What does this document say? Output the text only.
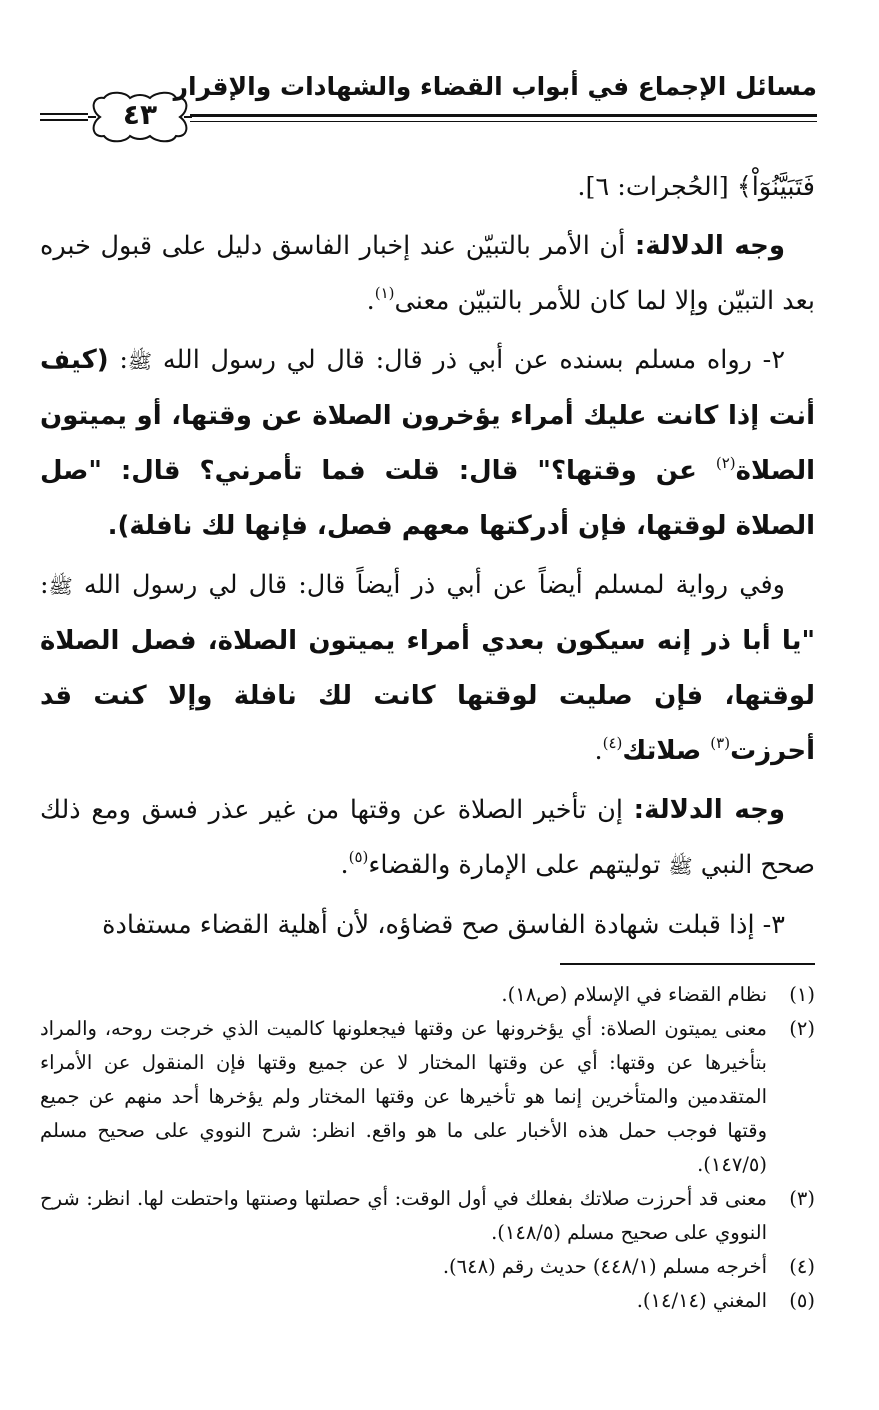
مسائل الإجماع في أبواب القضاء والشهادات والإقرار
٤٣

فَتَبَيَّنُوٓاْ﴾ [الحُجرات: ٦].

وجه الدلالة: أن الأمر بالتبيّن عند إخبار الفاسق دليل على قبول خبره بعد التبيّن وإلا لما كان للأمر بالتبيّن معنى$^{(١)}$.

٢- رواه مسلم بسنده عن أبي ذر قال: قال لي رسول الله ﷺ: (كيف أنت إذا كانت عليك أمراء يؤخرون الصلاة عن وقتها، أو يميتون الصلاة$^{(٢)}$ عن وقتها؟" قال: قلت فما تأمرني؟ قال: "صل الصلاة لوقتها، فإن أدركتها معهم فصل، فإنها لك نافلة).

وفي رواية لمسلم أيضاً عن أبي ذر أيضاً قال: قال لي رسول الله ﷺ: "يا أبا ذر إنه سيكون بعدي أمراء يميتون الصلاة، فصل الصلاة لوقتها، فإن صليت لوقتها كانت لك نافلة وإلا كنت قد أحرزت$^{(٣)}$ صلاتك$^{(٤)}$.

وجه الدلالة: إن تأخير الصلاة عن وقتها من غير عذر فسق ومع ذلك صحح النبي ﷺ توليتهم على الإمارة والقضاء$^{(٥)}$.

٣- إذا قبلت شهادة الفاسق صح قضاؤه، لأن أهلية القضاء مستفادة

(١)
نظام القضاء في الإسلام (ص١٨).
(٢)
معنى يميتون الصلاة: أي يؤخرونها عن وقتها فيجعلونها كالميت الذي خرجت روحه، والمراد بتأخيرها عن وقتها: أي عن وقتها المختار لا عن جميع وقتها فإن المنقول عن الأمراء المتقدمين والمتأخرين إنما هو تأخيرها عن وقتها المختار ولم يؤخرها أحد منهم عن جميع وقتها فوجب حمل هذه الأخبار على ما هو واقع. انظر: شرح النووي على صحيح مسلم (١٤٧/٥).
(٣)
معنى قد أحرزت صلاتك بفعلك في أول الوقت: أي حصلتها وصنتها واحتطت لها. انظر: شرح النووي على صحيح مسلم (١٤٨/٥).
(٤)
أخرجه مسلم (٤٤٨/١) حديث رقم (٦٤٨).
(٥)
المغني (١٤/١٤).
